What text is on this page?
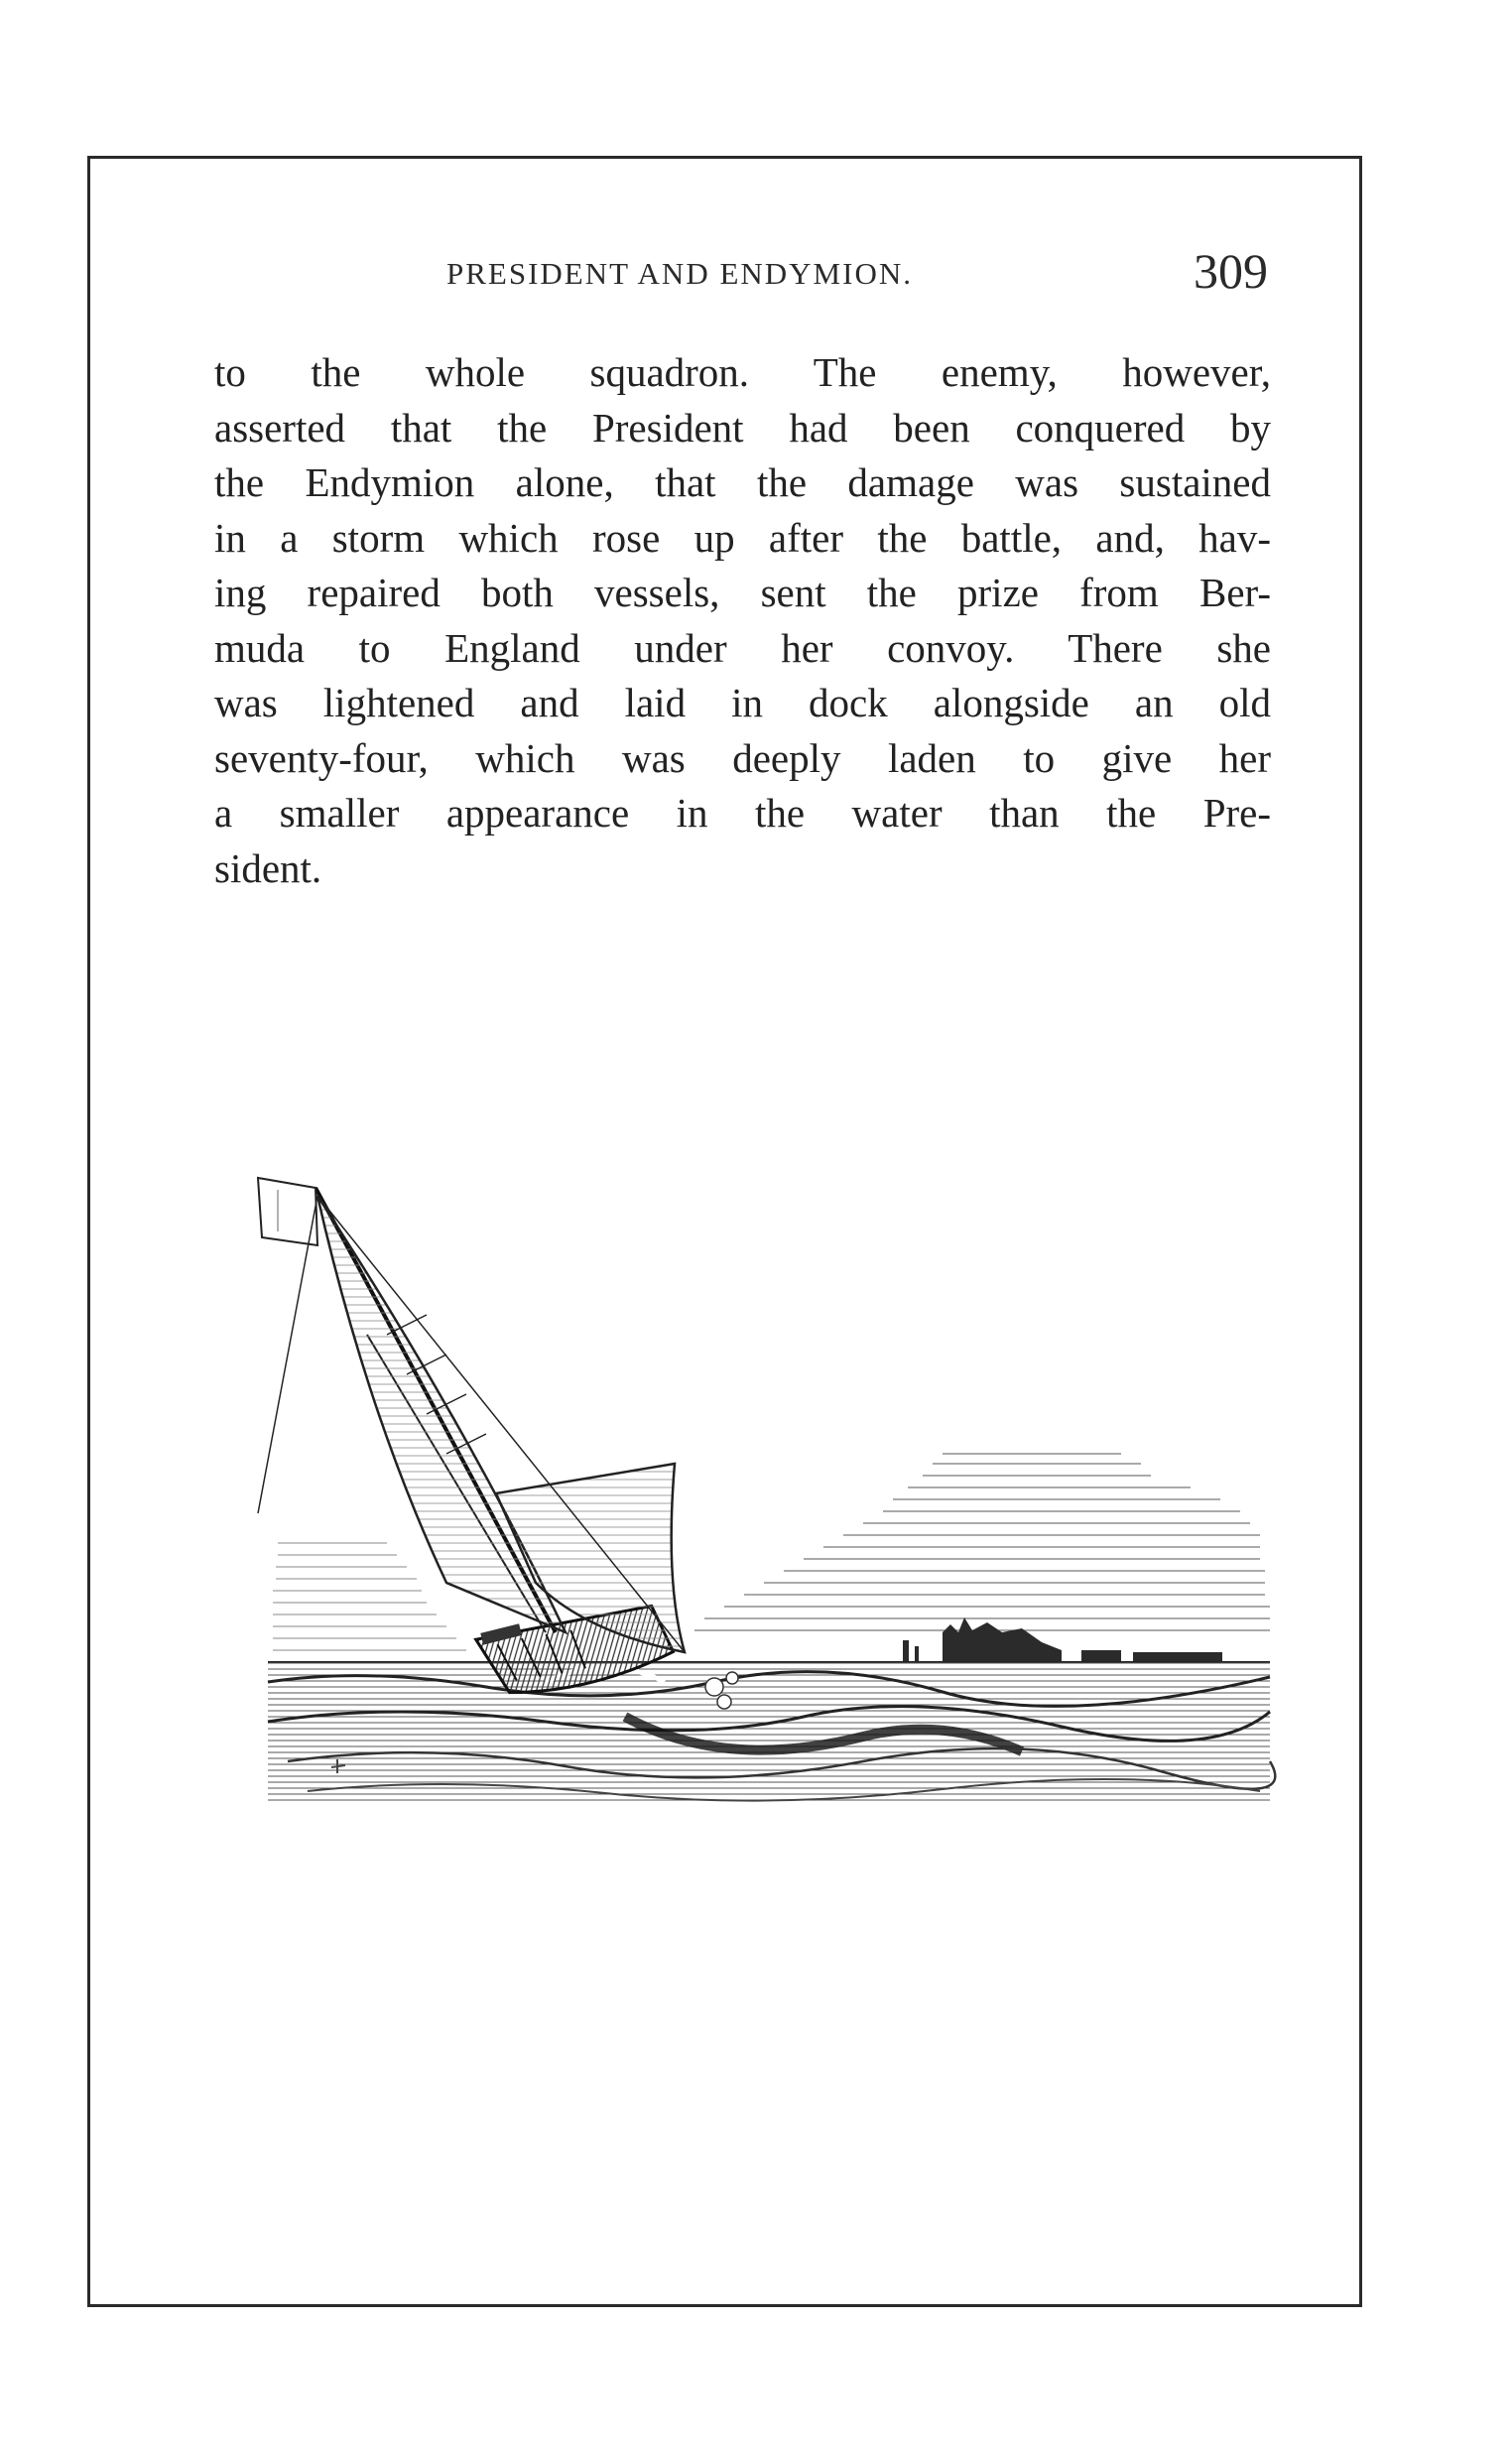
PRESIDENT AND ENDYMION.	309
to the whole squadron. The enemy, however,
asserted that the President had been conquered by
the Endymion alone, that the damage was sustained
in a storm which rose up after the battle, and, hav-
ing repaired both vessels, sent the prize from Ber-
muda to England under her convoy. There she
was lightened and laid in dock alongside an old
seventy-four, which was deeply laden to give her
a smaller appearance in the water than the Pre-
sident.
